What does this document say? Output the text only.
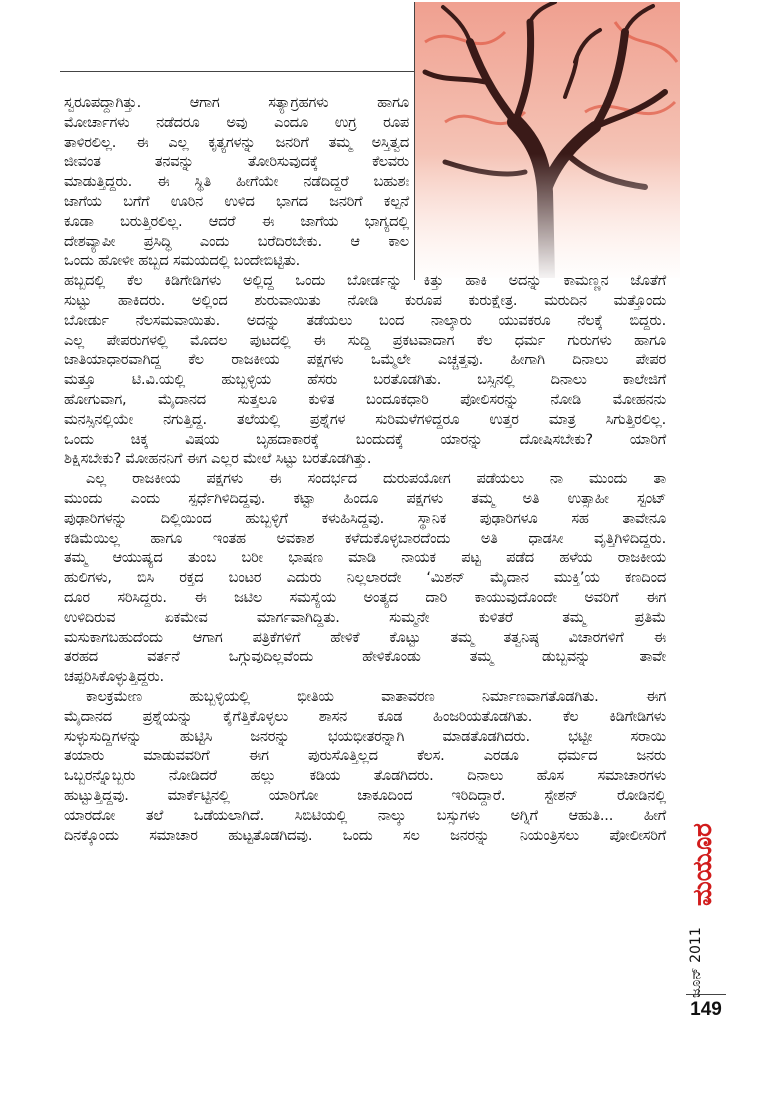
ಸ್ವರೂಪದ್ದಾಗಿತ್ತು. ಆಗಾಗ ಸತ್ಯಾಗ್ರಹಗಳು ಹಾಗೂ

ಮೋರ್ಚಾಗಳು ನಡೆದರೂ ಅವು ಎಂದೂ ಉಗ್ರ ರೂಪ

ತಾಳಿರಲಿಲ್ಲ. ಈ ಎಲ್ಲ ಕೃತ್ಯಗಳನ್ನು ಜನರಿಗೆ ತಮ್ಮ ಅಸ್ತಿತ್ವದ

ಜೀವಂತ ತನವನ್ನು ತೋರಿಸುವುದಕ್ಕೆ ಕೆಲವರು

ಮಾಡುತ್ತಿದ್ದರು. ಈ ಸ್ಥಿತಿ ಹೀಗೆಯೇ ನಡೆದಿದ್ದರೆ ಬಹುಶಃ

ಜಾಗೆಯ ಬಗೆಗೆ ಊರಿನ ಉಳಿದ ಭಾಗದ ಜನರಿಗೆ ಕಲ್ಪನೆ

ಕೂಡಾ ಬರುತ್ತಿರಲಿಲ್ಲ. ಆದರೆ ಈ ಜಾಗೆಯ ಭಾಗ್ಯದಲ್ಲಿ

ದೇಶವ್ಯಾಪೀ ಪ್ರಸಿದ್ಧಿ ಎಂದು ಬರೆದಿರಬೇಕು. ಆ ಕಾಲ

ಒಂದು ಹೋಳೀ ಹಬ್ಬದ ಸಮಯದಲ್ಲಿ ಬಂದೇಬಿಟ್ಟಿತು.

ಹಬ್ಬದಲ್ಲಿ ಕೆಲ ಕಿಡಿಗೇಡಿಗಳು ಅಲ್ಲಿದ್ದ ಒಂದು ಬೋರ್ಡನ್ನು ಕಿತ್ತು ಹಾಕಿ ಅದನ್ನು ಕಾಮಣ್ಣನ ಜೊತೆಗೆ

ಸುಟ್ಟು ಹಾಕಿದರು. ಅಲ್ಲಿಂದ ಶುರುವಾಯಿತು ನೋಡಿ ಕುರೂಪ ಕುರುಕ್ಷೇತ್ರ. ಮರುದಿನ ಮತ್ತೊಂದು

ಬೋರ್ಡು ನೆಲಸಮವಾಯಿತು. ಅದನ್ನು ತಡೆಯಲು ಬಂದ ನಾಲ್ಕಾರು ಯುವಕರೂ ನೆಲಕ್ಕೆ ಬಿದ್ದರು.

ಎಲ್ಲ ಪೇಪರುಗಳಲ್ಲಿ ಮೊದಲ ಪುಟದಲ್ಲಿ ಈ ಸುದ್ದಿ ಪ್ರಕಟವಾದಾಗ ಕೆಲ ಧರ್ಮ ಗುರುಗಳು ಹಾಗೂ

ಜಾತಿಯಾಧಾರವಾಗಿದ್ದ ಕೆಲ ರಾಜಕೀಯ ಪಕ್ಷಗಳು ಒಮ್ಮೆಲೇ ಎಚ್ಚತ್ತವು. ಹೀಗಾಗಿ ದಿನಾಲು ಪೇಪರ

ಮತ್ತೂ ಟಿ.ವಿ.ಯಲ್ಲಿ ಹುಬ್ಬಳ್ಳಿಯ ಹೆಸರು ಬರತೊಡಗಿತು. ಬಸ್ಸಿನಲ್ಲಿ ದಿನಾಲು ಕಾಲೇಜಿಗೆ

ಹೋಗುವಾಗ, ಮೈದಾನದ ಸುತ್ತಲೂ ಕುಳಿತ ಬಂದೂಕಧಾರಿ ಪೋಲಿಸರನ್ನು ನೋಡಿ ಮೋಹನನು

ಮನಸ್ಸಿನಲ್ಲಿಯೇ ನಗುತ್ತಿದ್ದ. ತಲೆಯಲ್ಲಿ ಪ್ರಶ್ನೆಗಳ ಸುರಿಮಳೆಗಳಿದ್ದರೂ ಉತ್ತರ ಮಾತ್ರ ಸಿಗುತ್ತಿರಲಿಲ್ಲ.

ಒಂದು ಚಿಕ್ಕ ವಿಷಯ ಬೃಹದಾಕಾರಕ್ಕೆ ಬಂದುದಕ್ಕೆ ಯಾರನ್ನು ದೋಷಿಸಬೇಕು? ಯಾರಿಗೆ

ಶಿಕ್ಷಿಸಬೇಕು? ಮೋಹನನಿಗೆ ಈಗ ಎಲ್ಲರ ಮೇಲೆ ಸಿಟ್ಟು ಬರತೊಡಗಿತ್ತು.

ಎಲ್ಲ ರಾಜಕೀಯ ಪಕ್ಷಗಳು ಈ ಸಂದರ್ಭದ ದುರುಪಯೋಗ ಪಡೆಯಲು ನಾ ಮುಂದು ತಾ

ಮುಂದು ಎಂದು ಸ್ಪರ್ಧೆಗಿಳಿದಿದ್ದವು. ಕಟ್ಟಾ ಹಿಂದೂ ಪಕ್ಷಗಳು ತಮ್ಮ ಅತಿ ಉತ್ಸಾಹೀ ಸ್ಟಂಟ್

ಪುಢಾರಿಗಳನ್ನು ದಿಲ್ಲಿಯಿಂದ ಹುಬ್ಬಳ್ಳಿಗೆ ಕಳುಹಿಸಿದ್ದವು. ಸ್ಥಾನಿಕ ಪುಢಾರಿಗಳೂ ಸಹ ತಾವೇನೂ

ಕಡಿಮೆಯಿಲ್ಲ ಹಾಗೂ ಇಂತಹ ಅವಕಾಶ ಕಳೆದುಕೊಳ್ಳಬಾರದೆಂದು ಅತಿ ಧಾಡಸೀ ವೃತ್ತಿಗಿಳಿದಿದ್ದರು.

ತಮ್ಮ ಆಯುಷ್ಯದ ತುಂಬ ಬರೀ ಭಾಷಣ ಮಾಡಿ ನಾಯಕ ಪಟ್ಟ ಪಡೆದ ಹಳೆಯ ರಾಜಕೀಯ

ಹುಲಿಗಳು, ಬಿಸಿ ರಕ್ತದ ಬಂಟರ ಎದುರು ನಿಲ್ಲಲಾರದೇ ‘ಮಿಶನ್ ಮೈದಾನ ಮುಕ್ತಿ’ಯ ಕಣದಿಂದ

ದೂರ ಸರಿಸಿದ್ದರು. ಈ ಜಟಿಲ ಸಮಸ್ಯೆಯ ಅಂತ್ಯದ ದಾರಿ ಕಾಯುವುದೊಂದೇ ಅವರಿಗೆ ಈಗ

ಉಳಿದಿರುವ ಏಕಮೇವ ಮಾರ್ಗವಾಗಿದ್ದಿತು. ಸುಮ್ಮನೇ ಕುಳಿತರೆ ತಮ್ಮ ಪ್ರತಿಮೆ

ಮಸುಕಾಗಬಹುದೆಂದು ಆಗಾಗ ಪತ್ರಿಕೆಗಳಿಗೆ ಹೇಳಿಕೆ ಕೊಟ್ಟು ತಮ್ಮ ತತ್ವನಿಷ್ಠ ವಿಚಾರಗಳಿಗೆ ಈ

ತರಹದ ವರ್ತನೆ ಒಗ್ಗುವುದಿಲ್ಲವೆಂದು ಹೇಳಿಕೊಂಡು ತಮ್ಮ ಡುಬ್ಬವನ್ನು ತಾವೇ

ಚಪ್ಪರಿಸಿಕೊಳ್ಳುತ್ತಿದ್ದರು.

ಕಾಲಕ್ರಮೇಣ ಹುಬ್ಬಳ್ಳಿಯಲ್ಲಿ ಭೀತಿಯ ವಾತಾವರಣ ನಿರ್ಮಾಣವಾಗತೊಡಗಿತು. ಈಗ

ಮೈದಾನದ ಪ್ರಶ್ನೆಯನ್ನು ಕೈಗೆತ್ತಿಕೊಳ್ಳಲು ಶಾಸನ ಕೂಡ ಹಿಂಜರಿಯತೊಡಗಿತು. ಕೆಲ ಕಿಡಿಗೇಡಿಗಳು

ಸುಳ್ಳುಸುದ್ದಿಗಳನ್ನು ಹುಟ್ಟಿಸಿ ಜನರನ್ನು ಭಯಭೀತರನ್ನಾಗಿ ಮಾಡತೊಡಗಿದರು. ಭಟ್ಟೀ ಸರಾಯಿ

ತಯಾರು ಮಾಡುವವರಿಗೆ ಈಗ ಪುರುಸೊತ್ತಿಲ್ಲದ ಕೆಲಸ. ಎರಡೂ ಧರ್ಮದ ಜನರು

ಒಬ್ಬರನ್ನೊಬ್ಬರು ನೋಡಿದರೆ ಹಲ್ಲು ಕಡಿಯ ತೊಡಗಿದರು. ದಿನಾಲು ಹೊಸ ಸಮಾಚಾರಗಳು

ಹುಟ್ಟುತ್ತಿದ್ದವು. ಮಾರ್ಕೆಟ್ಟಿನಲ್ಲಿ ಯಾರಿಗೋ ಚಾಕೂದಿಂದ ಇರಿದಿದ್ದಾರೆ. ಸ್ಟೇಶನ್ ರೋಡಿನಲ್ಲಿ

ಯಾರದೋ ತಲೆ ಒಡೆಯಲಾಗಿದೆ. ಸಿಬಿಟಿಯಲ್ಲಿ ನಾಲ್ಕು ಬಸ್ಸುಗಳು ಅಗ್ನಿಗೆ ಆಹುತಿ... ಹೀಗೆ

ದಿನಕ್ಕೊಂದು ಸಮಾಚಾರ ಹುಟ್ಟತೊಡಗಿದವು. ಒಂದು ಸಲ ಜನರನ್ನು ನಿಯಂತ್ರಿಸಲು ಪೋಲೀಸರಿಗೆ ಮಯೂರ
ಜೂನ್ 2011
149
